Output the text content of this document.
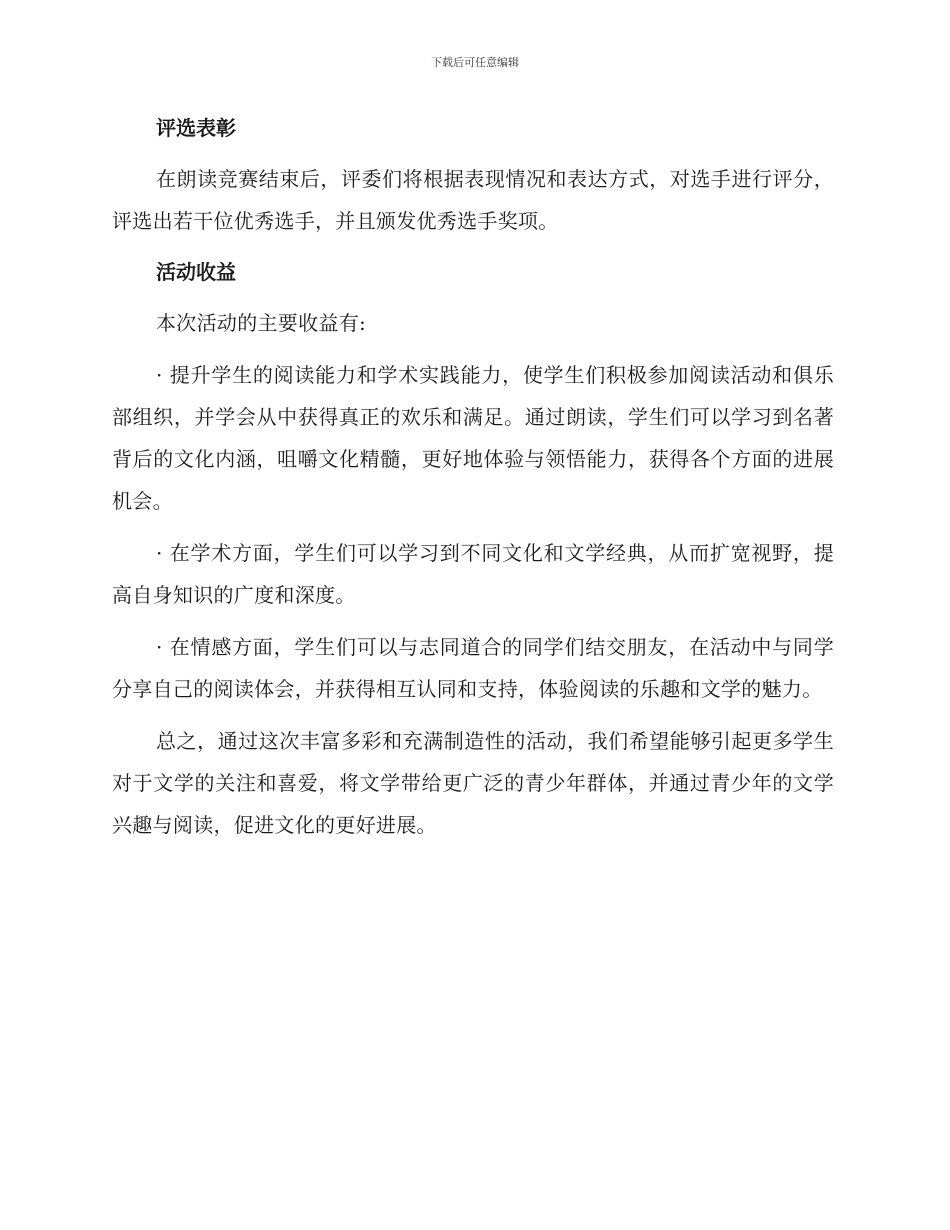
下载后可任意编辑
评选表彰

在朗读竞赛结束后，评委们将根据表现情况和表达方式，对选手进行评分，评选出若干位优秀选手，并且颁发优秀选手奖项。

活动收益

本次活动的主要收益有:

· 提升学生的阅读能力和学术实践能力，使学生们积极参加阅读活动和俱乐部组织，并学会从中获得真正的欢乐和满足。通过朗读，学生们可以学习到名著背后的文化内涵，咀嚼文化精髓，更好地体验与领悟能力，获得各个方面的进展机会。

· 在学术方面，学生们可以学习到不同文化和文学经典，从而扩宽视野，提高自身知识的广度和深度。

· 在情感方面，学生们可以与志同道合的同学们结交朋友，在活动中与同学分享自己的阅读体会，并获得相互认同和支持，体验阅读的乐趣和文学的魅力。

总之，通过这次丰富多彩和充满制造性的活动，我们希望能够引起更多学生对于文学的关注和喜爱，将文学带给更广泛的青少年群体，并通过青少年的文学兴趣与阅读，促进文化的更好进展。
